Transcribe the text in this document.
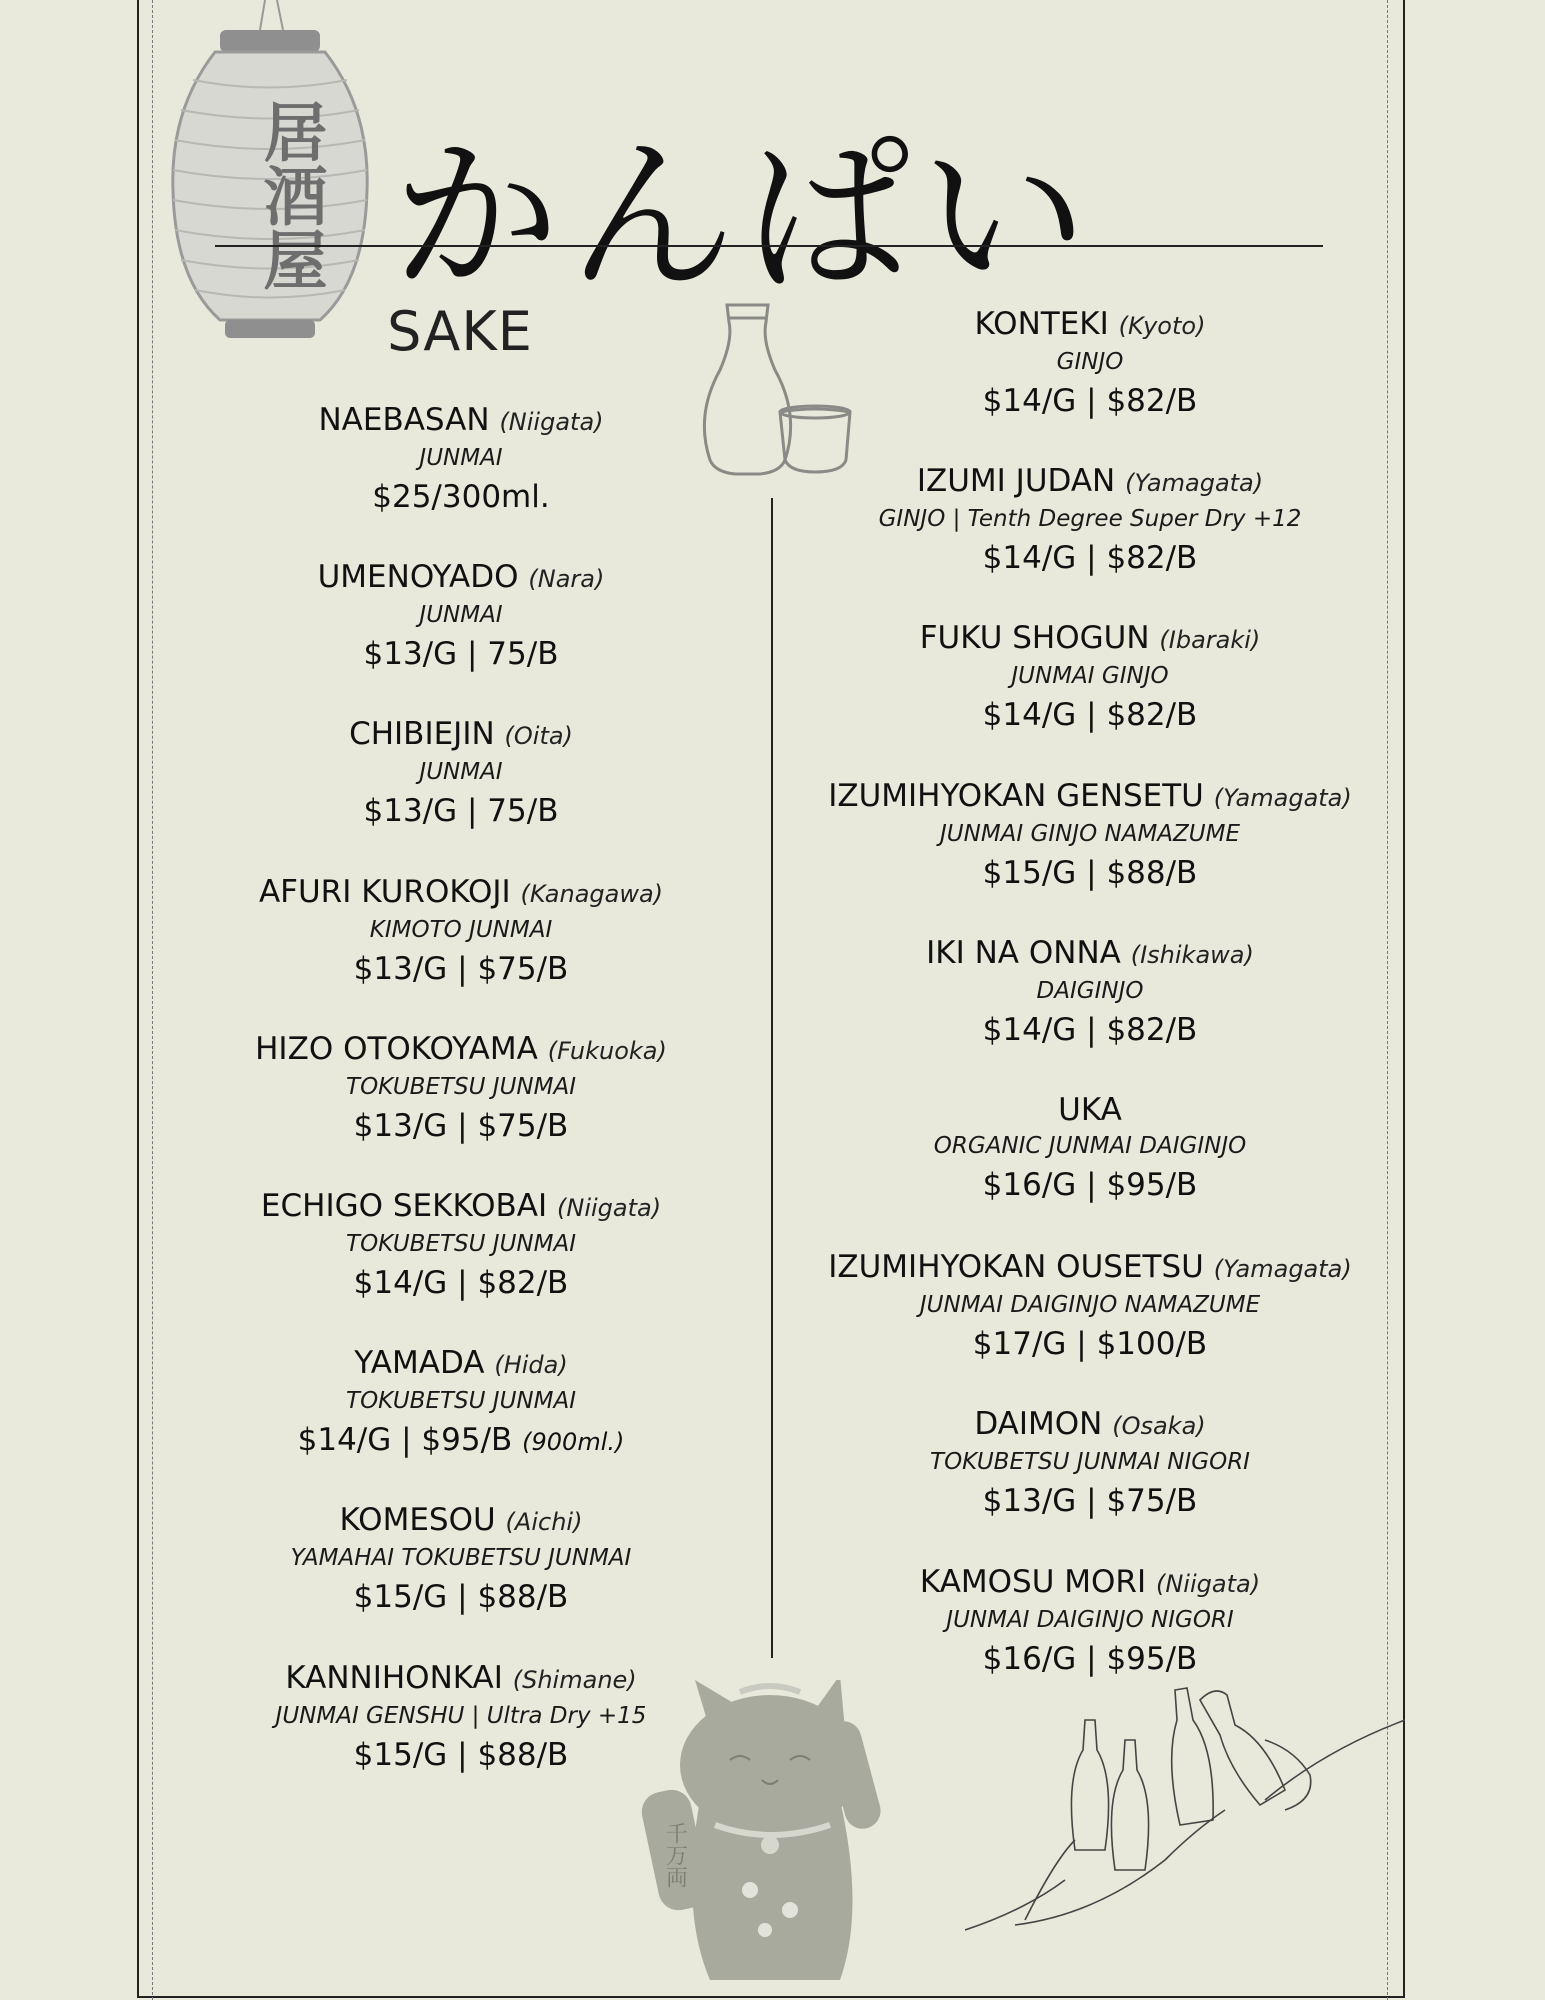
居酒屋 かんぱい
SAKE
NAEBASAN (Niigata)
JUNMAI
$25/300ml.
UMENOYADO (Nara)
JUNMAI
$13/G | 75/B
CHIBIEJIN (Oita)
JUNMAI
$13/G | 75/B
AFURI KUROKOJI (Kanagawa)
KIMOTO JUNMAI
$13/G | $75/B
HIZO OTOKOYAMA (Fukuoka)
TOKUBETSU JUNMAI
$13/G | $75/B
ECHIGO SEKKOBAI (Niigata)
TOKUBETSU JUNMAI
$14/G | $82/B
YAMADA (Hida)
TOKUBETSU JUNMAI
$14/G | $95/B (900ml.)
KOMESOU (Aichi)
YAMAHAI TOKUBETSU JUNMAI
$15/G | $88/B
KANNIHONKAI (Shimane)
JUNMAI GENSHU | Ultra Dry +15
$15/G | $88/B
KONTEKI (Kyoto)
GINJO
$14/G | $82/B
IZUMI JUDAN (Yamagata)
GINJO | Tenth Degree Super Dry +12
$14/G | $82/B
FUKU SHOGUN (Ibaraki)
JUNMAI GINJO
$14/G | $82/B
IZUMIHYOKAN GENSETU (Yamagata)
JUNMAI GINJO NAMAZUME
$15/G | $88/B
IKI NA ONNA (Ishikawa)
DAIGINJO
$14/G | $82/B
UKA
ORGANIC JUNMAI DAIGINJO
$16/G | $95/B
IZUMIHYOKAN OUSETSU (Yamagata)
JUNMAI DAIGINJO NAMAZUME
$17/G | $100/B
DAIMON (Osaka)
TOKUBETSU JUNMAI NIGORI
$13/G | $75/B
KAMOSU MORI (Niigata)
JUNMAI DAIGINJO NIGORI
$16/G | $95/B
千万両
